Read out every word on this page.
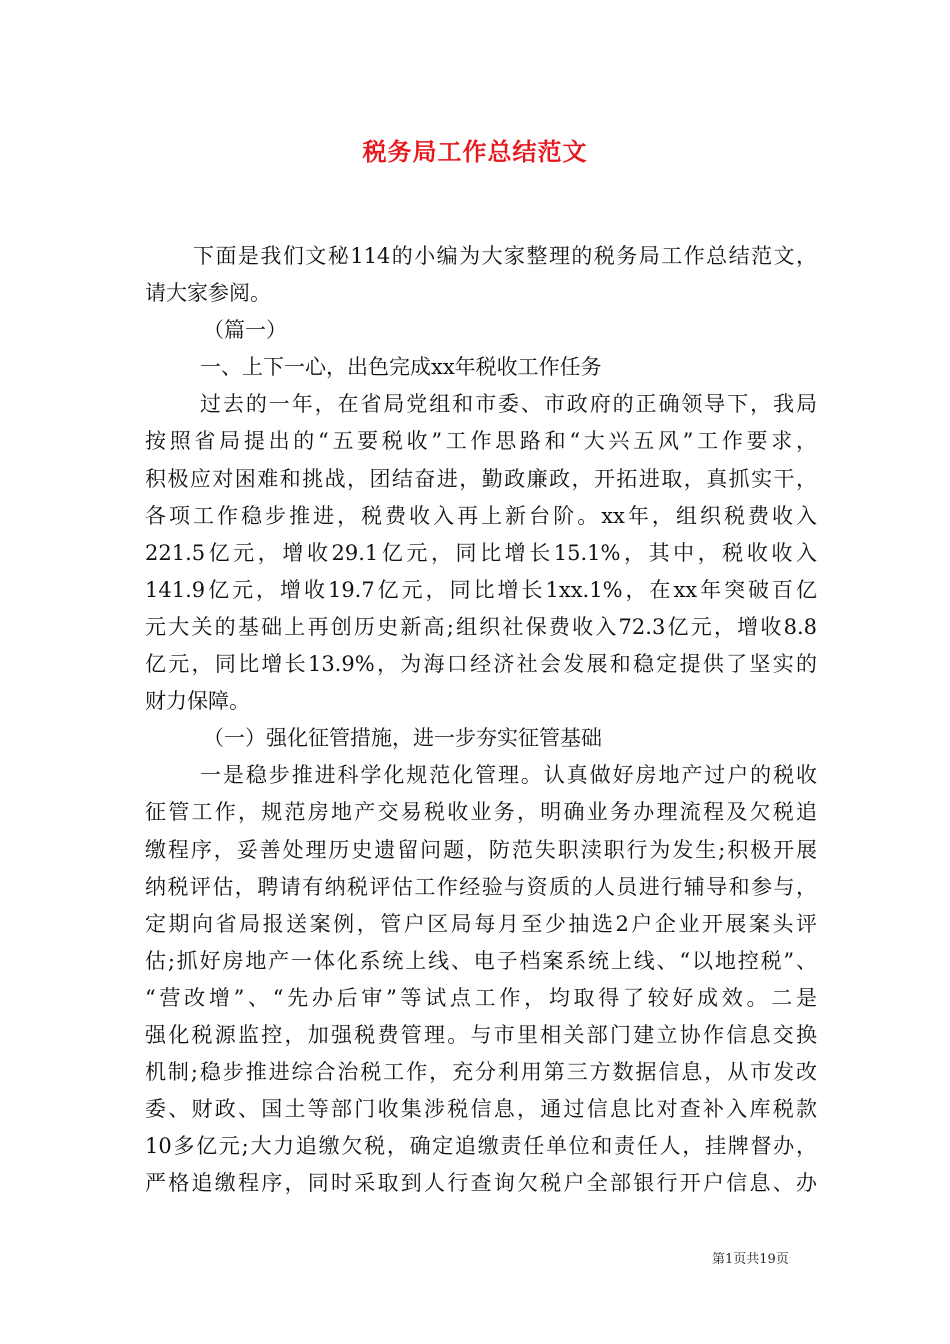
税务局工作总结范文
下面是我们文秘114的小编为大家整理的税务局工作总结范文，
请大家参阅。
（篇一）
一、上下一心，出色完成xx年税收工作任务
过去的一年，在省局党组和市委、市政府的正确领导下，我局
按照省局提出的“五要税收”工作思路和“大兴五风”工作要求，
积极应对困难和挑战，团结奋进，勤政廉政，开拓进取，真抓实干，
各项工作稳步推进，税费收入再上新台阶。xx年，组织税费收入
221.5亿元，增收29.1亿元，同比增长15.1%，其中，税收收入
141.9亿元，增收19.7亿元，同比增长1xx.1%，在xx年突破百亿
元大关的基础上再创历史新高;组织社保费收入72.3亿元，增收8.8
亿元，同比增长13.9%，为海口经济社会发展和稳定提供了坚实的
财力保障。
（一）强化征管措施，进一步夯实征管基础
一是稳步推进科学化规范化管理。认真做好房地产过户的税收
征管工作，规范房地产交易税收业务，明确业务办理流程及欠税追
缴程序，妥善处理历史遗留问题，防范失职渎职行为发生;积极开展
纳税评估，聘请有纳税评估工作经验与资质的人员进行辅导和参与，
定期向省局报送案例，管户区局每月至少抽选2户企业开展案头评
估;抓好房地产一体化系统上线、电子档案系统上线、“以地控税”、
“营改增”、“先办后审”等试点工作，均取得了较好成效。二是
强化税源监控，加强税费管理。与市里相关部门建立协作信息交换
机制;稳步推进综合治税工作，充分利用第三方数据信息，从市发改
委、财政、国土等部门收集涉税信息，通过信息比对查补入库税款
10多亿元;大力追缴欠税，确定追缴责任单位和责任人，挂牌督办，
严格追缴程序，同时采取到人行查询欠税户全部银行开户信息、办
第1页共19页
